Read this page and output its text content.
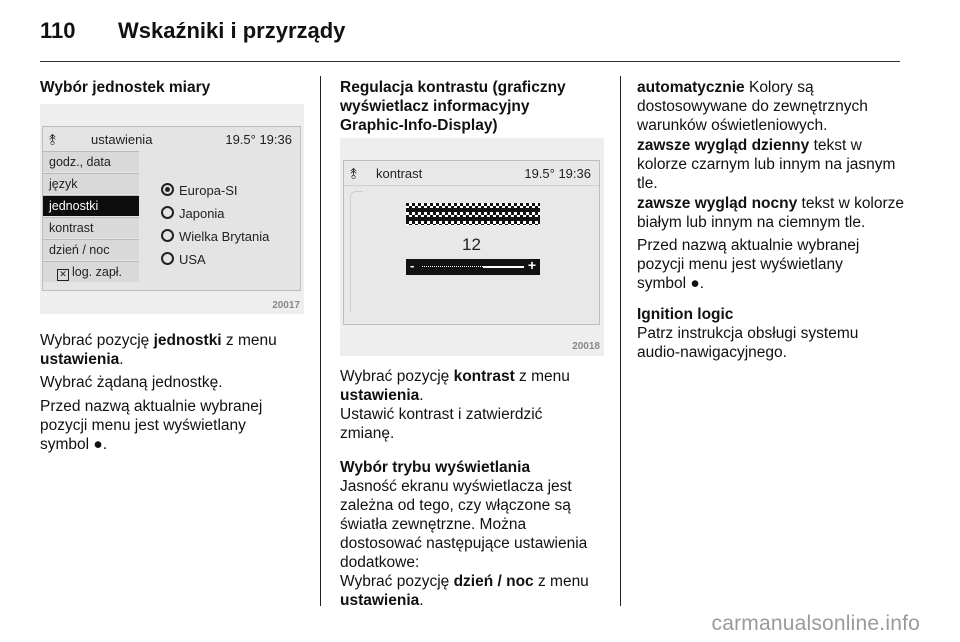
110 Wskaźniki i przyrządy
Wybór jednostek miary
⥉	ustawienia	19.5° 19:36
godz., data
język
jednostki
kontrast
dzień / noc
✕ log. zapł.
Europa-SI
Japonia
Wielka Brytania
USA
20017
Wybrać pozycję jednostki z menu
ustawienia.
Wybrać żądaną jednostkę.
Przed nazwą aktualnie wybranej
pozycji menu jest wyświetlany
symbol ●.
Regulacja kontrastu (graficzny
wyświetlacz informacyjny
Graphic-Info-Display)
⥉ kontrast	19.5° 19:36
12
-	+
20018
Wybrać pozycję kontrast z menu
ustawienia.
Ustawić kontrast i zatwierdzić
zmianę.
Wybór trybu wyświetlania
Jasność ekranu wyświetlacza jest
zależna od tego, czy włączone są
światła zewnętrzne. Można
dostosować następujące ustawienia
dodatkowe:
Wybrać pozycję dzień / noc z menu
ustawienia.
automatycznie Kolory są
dostosowywane do zewnętrznych
warunków oświetleniowych.
zawsze wygląd dzienny tekst w
kolorze czarnym lub innym na jasnym
tle.
zawsze wygląd nocny tekst w kolorze
białym lub innym na ciemnym tle.
Przed nazwą aktualnie wybranej
pozycji menu jest wyświetlany
symbol ●.
Ignition logic
Patrz instrukcja obsługi systemu
audio-nawigacyjnego.
carmanualsonline.info
